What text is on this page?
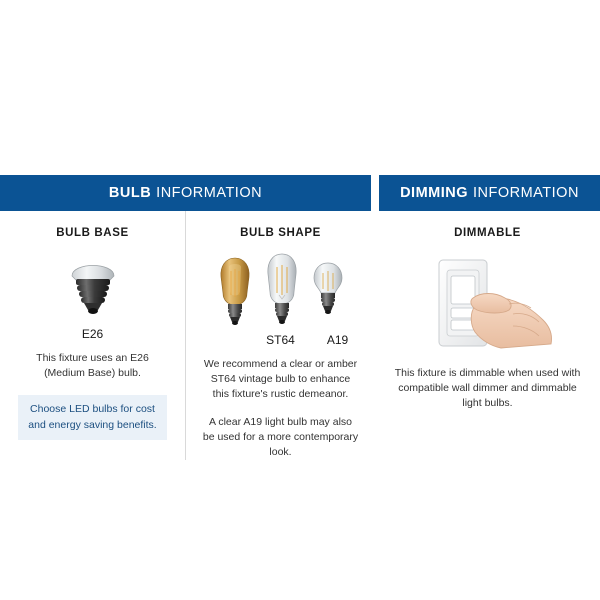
BULB INFORMATION
BULB BASE
E26
This fixture uses an E26 (Medium Base) bulb.
Choose LED bulbs for cost and energy saving benefits.
BULB SHAPE
ST64	A19
We recommend a clear or amber ST64 vintage bulb to enhance this fixture's rustic demeanor.
A clear A19 light bulb may also be used for a more contemporary look.
DIMMING INFORMATION
DIMMABLE
This fixture is dimmable when used with compatible wall dimmer and dimmable light bulbs.
